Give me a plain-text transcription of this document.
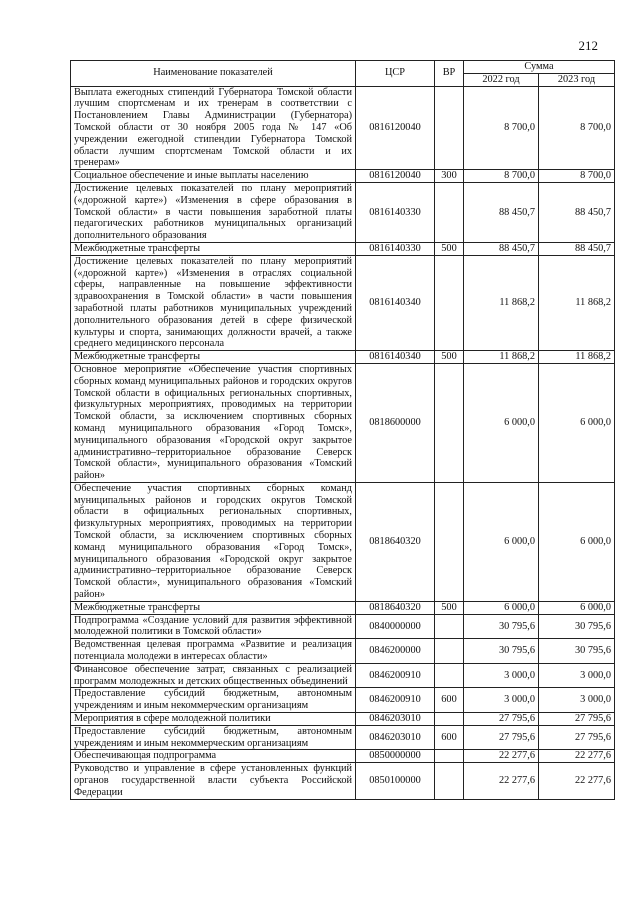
212
Наименование показателей	ЦСР	ВР	Сумма	
			2022 год	2023 год
Выплата ежегодных стипендий Губернатора Томской области лучшим спортсменам и их тренерам в соответствии с Постановлением Главы Администрации (Губернатора) Томской области от 30 ноября 2005 года № 147 «Об учреждении ежегодной стипендии Губернатора Томской области лучшим спортсменам Томской области и их тренерам»	0816120040		8 700,0	8 700,0
Социальное обеспечение и иные выплаты населению	0816120040	300	8 700,0	8 700,0
Достижение целевых показателей по плану мероприятий («дорожной карте») «Изменения в сфере образования в Томской области» в части повышения заработной платы педагогических работников муниципальных организаций дополнительного образования	0816140330		88 450,7	88 450,7
Межбюджетные трансферты	0816140330	500	88 450,7	88 450,7
Достижение целевых показателей по плану мероприятий («дорожной карте») «Изменения в отраслях социальной сферы, направленные на повышение эффективности здравоохранения в Томской области» в части повышения заработной платы работников муниципальных учреждений дополнительного образования детей в сфере физической культуры и спорта, занимающих должности врачей, а также среднего медицинского персонала	0816140340		11 868,2	11 868,2
Межбюджетные трансферты	0816140340	500	11 868,2	11 868,2
Основное мероприятие «Обеспечение участия спортивных сборных команд муниципальных районов и городских округов Томской области в официальных региональных спортивных, физкультурных мероприятиях, проводимых на территории Томской области, за исключением спортивных сборных команд муниципального образования «Город Томск», муниципального образования «Городской округ закрытое административно–территориальное образование Северск Томской области», муниципального образования «Томский район»	0818600000		6 000,0	6 000,0
Обеспечение участия спортивных сборных команд муниципальных районов и городских округов Томской области в официальных региональных спортивных, физкультурных мероприятиях, проводимых на территории Томской области, за исключением спортивных сборных команд муниципального образования «Город Томск», муниципального образования «Городской округ закрытое административно–территориальное образование Северск Томской области», муниципального образования «Томский район»	0818640320		6 000,0	6 000,0
Межбюджетные трансферты	0818640320	500	6 000,0	6 000,0
Подпрограмма «Создание условий для развития эффективной молодежной политики в Томской области»	0840000000		30 795,6	30 795,6
Ведомственная целевая программа «Развитие и реализация потенциала молодежи в интересах области»	0846200000		30 795,6	30 795,6
Финансовое обеспечение затрат, связанных с реализацией программ молодежных и детских общественных объединений	0846200910		3 000,0	3 000,0
Предоставление субсидий бюджетным, автономным учреждениям и иным некоммерческим организациям	0846200910	600	3 000,0	3 000,0
Мероприятия в сфере молодежной политики	0846203010		27 795,6	27 795,6
Предоставление субсидий бюджетным, автономным учреждениям и иным некоммерческим организациям	0846203010	600	27 795,6	27 795,6
Обеспечивающая подпрограмма	0850000000		22 277,6	22 277,6
Руководство и управление в сфере установленных функций органов государственной власти субъекта Российской Федерации	0850100000		22 277,6	22 277,6
